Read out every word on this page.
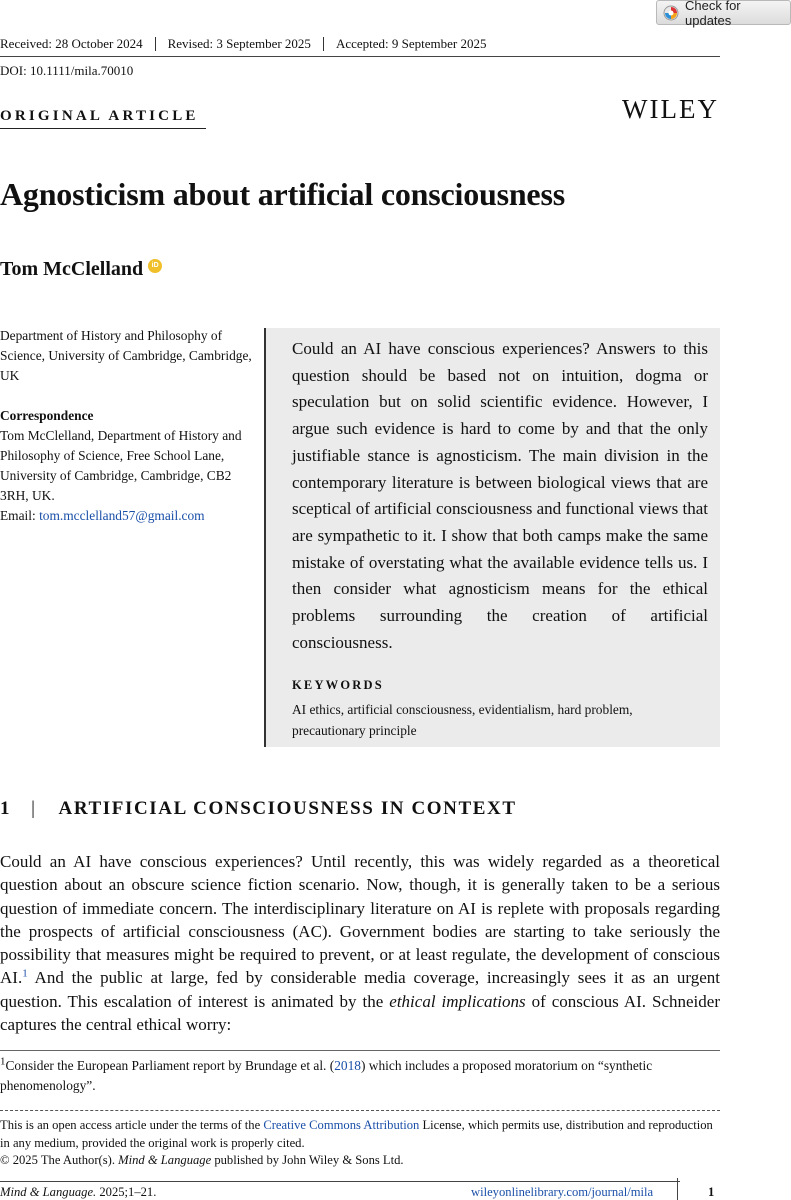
Check for updates
Received: 28 October 2024 Revised: 3 September 2025 Accepted: 9 September 2025
DOI: 10.1111/mila.70010
ORIGINAL ARTICLE	WILEY
Agnosticism about artificial consciousness
Tom McClelland	iD

Department of History and Philosophy of Science, University of Cambridge, Cambridge, UK

Correspondence

Tom McClelland, Department of History and Philosophy of Science, Free School Lane, University of Cambridge, Cambridge, CB2 3RH, UK.

Email: tom.mcclelland57@gmail.com

Could an AI have conscious experiences? Answers to this question should be based not on intuition, dogma or speculation but on solid scientific evidence. However, I argue such evidence is hard to come by and that the only justifiable stance is agnosticism. The main division in the contemporary literature is between biological views that are sceptical of artificial consciousness and functional views that are sympathetic to it. I show that both camps make the same mistake of overstating what the available evidence tells us. I then consider what agnosticism means for the ethical problems surrounding the creation of artificial consciousness.

KEYWORDS
AI ethics, artificial consciousness, evidentialism, hard problem, precautionary principle
1 | ARTIFICIAL CONSCIOUSNESS IN CONTEXT

Could an AI have conscious experiences? Until recently, this was widely regarded as a theoretical question about an obscure science fiction scenario. Now, though, it is generally taken to be a serious question of immediate concern. The interdisciplinary literature on AI is replete with proposals regarding the prospects of artificial consciousness (AC). Government bodies are starting to take seriously the possibility that measures might be required to prevent, or at least regulate, the development of conscious AI.$^1$ And the public at large, fed by considerable media coverage, increasingly sees it as an urgent question. This escalation of interest is animated by the ethical implications of conscious AI. Schneider captures the central ethical worry:

$^1$Consider the European Parliament report by Brundage et al. (2018) which includes a proposed moratorium on “synthetic phenomenology”.

This is an open access article under the terms of the Creative Commons Attribution License, which permits use, distribution and reproduction in any medium, provided the original work is properly cited.
© 2025 The Author(s). Mind & Language published by John Wiley & Sons Ltd.

Mind & Language. 2025;1–21.	wileyonlinelibrary.com/journal/mila	1
